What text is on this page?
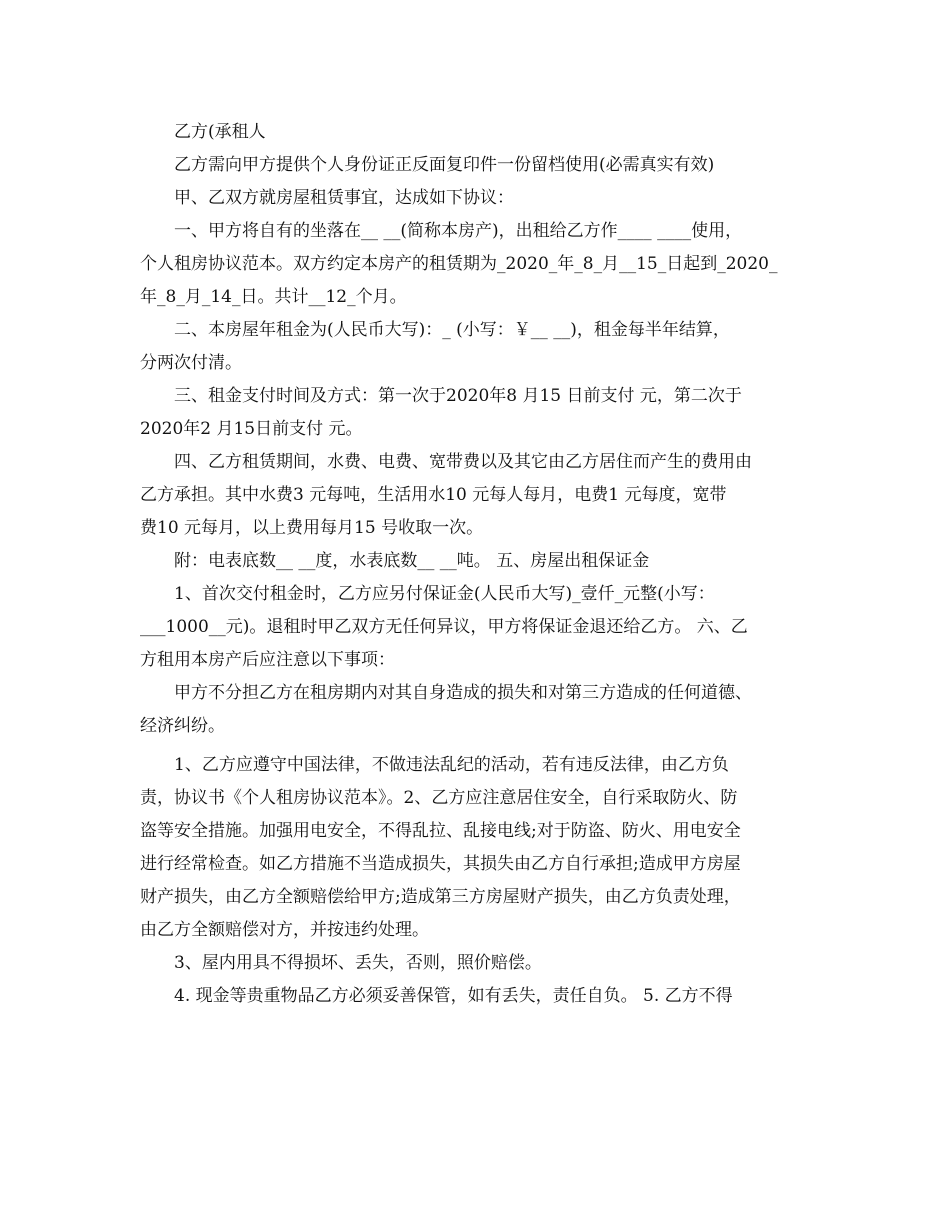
乙方(承租人
乙方需向甲方提供个人身份证正反面复印件一份留档使用(必需真实有效)
甲、乙双方就房屋租赁事宜，达成如下协议：
一、甲方将自有的坐落在__ __(简称本房产)，出租给乙方作____ ____使用，
个人租房协议范本。双方约定本房产的租赁期为_2020_年_8_月__15_日起到_2020_
年_8_月_14_日。共计__12_个月。
二、本房屋年租金为(人民币大写)：_ (小写：￥__ __)，租金每半年结算，
分两次付清。
三、租金支付时间及方式：第一次于2020年8 月15 日前支付 元，第二次于
2020年2 月15日前支付 元。
四、乙方租赁期间，水费、电费、宽带费以及其它由乙方居住而产生的费用由
乙方承担。其中水费3 元每吨，生活用水10 元每人每月，电费1 元每度，宽带
费10 元每月，以上费用每月15 号收取一次。
附：电表底数__ __度，水表底数__ __吨。 五、房屋出租保证金
1、首次交付租金时，乙方应另付保证金(人民币大写)_壹仟_元整(小写：
___1000__元)。退租时甲乙双方无任何异议，甲方将保证金退还给乙方。 六、乙
方租用本房产后应注意以下事项：
甲方不分担乙方在租房期内对其自身造成的损失和对第三方造成的任何道德、
经济纠纷。
1、乙方应遵守中国法律，不做违法乱纪的活动，若有违反法律，由乙方负
责，协议书《个人租房协议范本》。2、乙方应注意居住安全，自行采取防火、防
盗等安全措施。加强用电安全，不得乱拉、乱接电线;对于防盗、防火、用电安全
进行经常检查。如乙方措施不当造成损失，其损失由乙方自行承担;造成甲方房屋
财产损失，由乙方全额赔偿给甲方;造成第三方房屋财产损失，由乙方负责处理，
由乙方全额赔偿对方，并按违约处理。
3、屋内用具不得损坏、丢失，否则，照价赔偿。
4. 现金等贵重物品乙方必须妥善保管，如有丢失，责任自负。 5. 乙方不得
